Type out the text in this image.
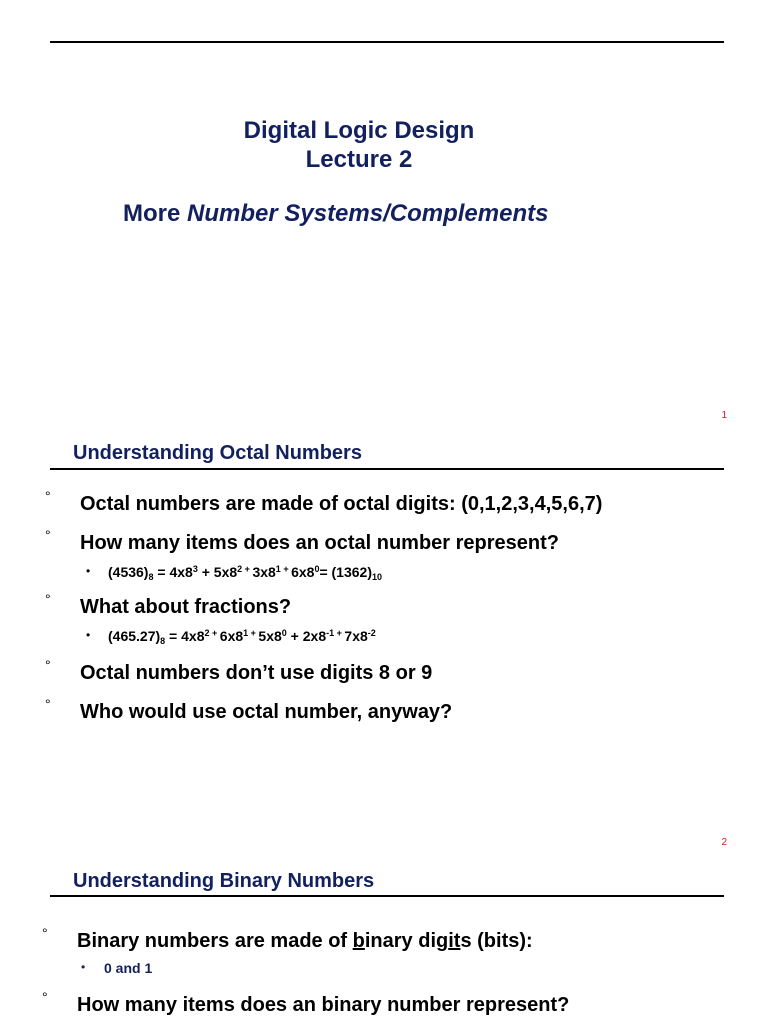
Digital Logic Design
Lecture 2
More Number Systems/Complements
1
Understanding Octal Numbers
° Octal numbers are made of octal digits: (0,1,2,3,4,5,6,7)
° How many items does an octal number represent?
• $(4536)_8 = 4x8^3 + 5x8^2$ + $3x8^1$ + $6x8^0= (1362)_{10}$
° What about fractions?
• $(465.27)_8 = 4x8^2$ + $6x8^1$ + $5x8^0 + 2x8^{-1}$ + $7x8^{-2}$
° Octal numbers don’t use digits 8 or 9
° Who would use octal number, anyway?
2
Understanding Binary Numbers
° Binary numbers are made of binary digits (bits):
• 0 and 1
° How many items does an binary number represent?
